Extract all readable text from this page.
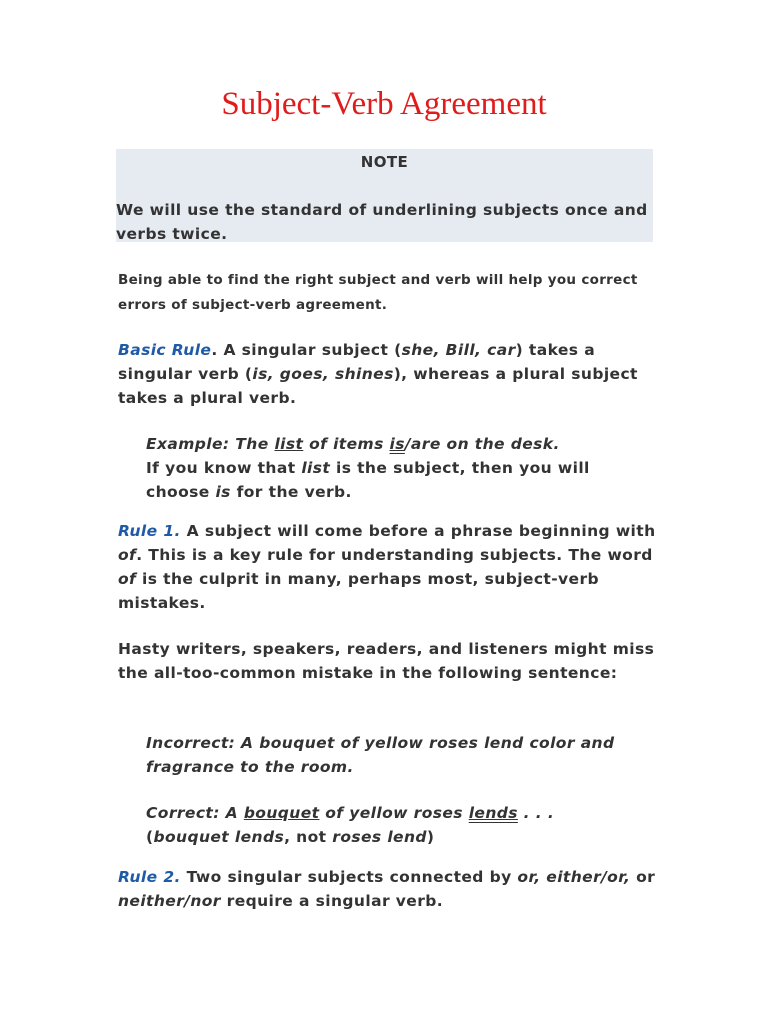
Subject-Verb Agreement
NOTE
We will use the standard of underlining subjects once and verbs twice.
Being able to find the right subject and verb will help you correct errors of subject-verb agreement.
Basic Rule. A singular subject (she, Bill, car) takes a singular verb (is, goes, shines), whereas a plural subject takes a plural verb.
Example: The list of items is/are on the desk.
If you know that list is the subject, then you will choose is for the verb.
Rule 1. A subject will come before a phrase beginning with of. This is a key rule for understanding subjects. The word of is the culprit in many, perhaps most, subject-verb mistakes.
Hasty writers, speakers, readers, and listeners might miss the all-too-common mistake in the following sentence:
Incorrect: A bouquet of yellow roses lend color and fragrance to the room.
Correct: A bouquet of yellow roses lends . . .
(bouquet lends, not roses lend)
Rule 2. Two singular subjects connected by or, either/or, or neither/nor require a singular verb.
